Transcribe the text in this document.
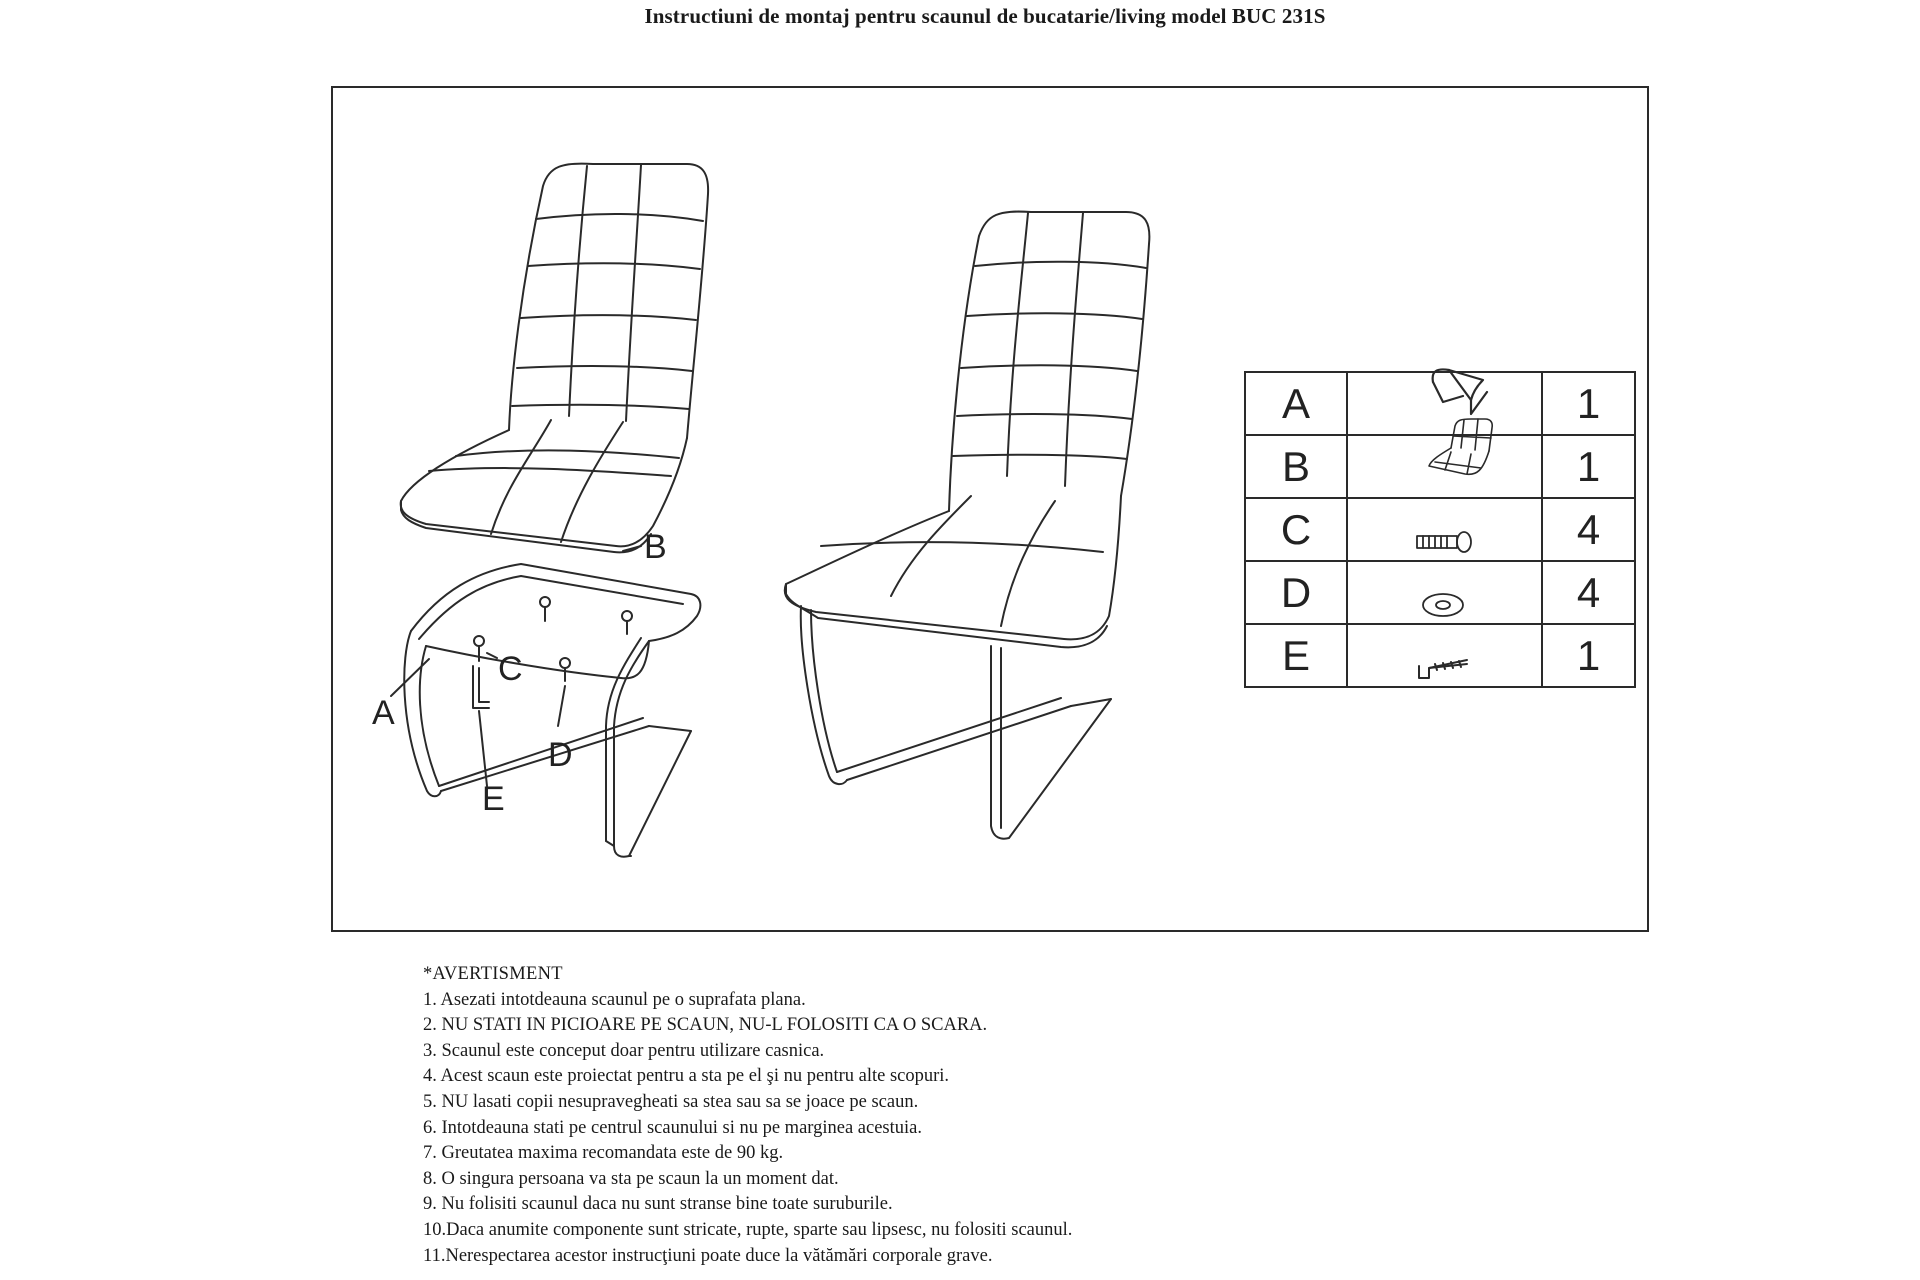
Instructiuni de montaj pentru scaunul de bucatarie/living model BUC 231S
B
C
A
D
E
A		1
B		1
C		4
D		4
E		1
*AVERTISMENT
1. Asezati intotdeauna scaunul pe o suprafata plana.
2. NU STATI IN PICIOARE PE SCAUN, NU-L FOLOSITI CA O SCARA.
3. Scaunul este conceput doar pentru utilizare casnica.
4. Acest scaun este proiectat pentru a sta pe el şi nu pentru alte scopuri.
5. NU lasati copii nesupravegheati sa stea sau sa se joace pe scaun.
6. Intotdeauna stati pe centrul scaunului si nu pe marginea acestuia.
7. Greutatea maxima recomandata este de 90 kg.
8. O singura persoana va sta pe scaun la un moment dat.
9. Nu folisiti scaunul daca nu sunt stranse bine toate suruburile.
10.Daca anumite componente sunt stricate, rupte, sparte sau lipsesc, nu folositi scaunul.
11.Nerespectarea acestor instrucţiuni poate duce la vătămări corporale grave.
